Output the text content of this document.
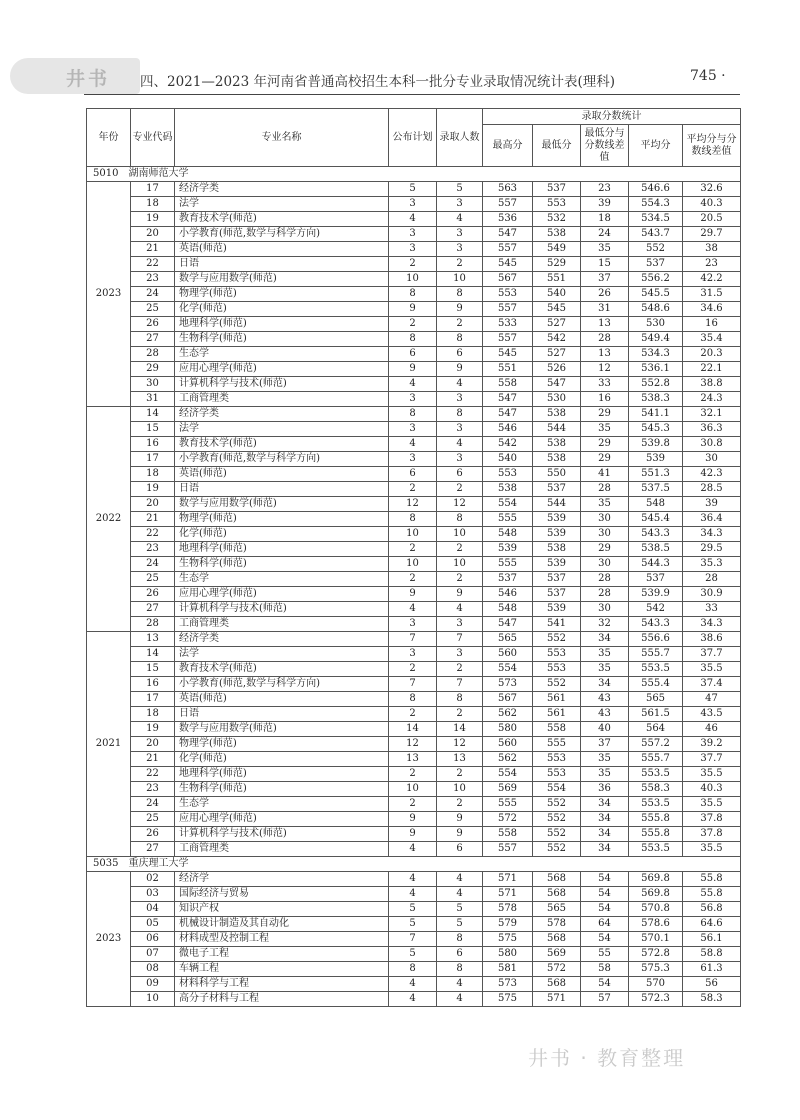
井书 四、2021—2023 年河南省普通高校招生本科一批分专业录取情况统计表(理科)	745 ·
年份	专业代码	专业名称	公布计划	录取人数	录取分数统计				
					最高分	最低分	最低分与分数线差值	平均分	平均分与分数线差值
5010　湖南师范大学									
2023	17	经济学类	5	5	563	537	23	546.6	32.6
	18	法学	3	3	557	553	39	554.3	40.3
	19	教育技术学(师范)	4	4	536	532	18	534.5	20.5
	20	小学教育(师范,数学与科学方向)	3	3	547	538	24	543.7	29.7
	21	英语(师范)	3	3	557	549	35	552	38
	22	日语	2	2	545	529	15	537	23
	23	数学与应用数学(师范)	10	10	567	551	37	556.2	42.2
	24	物理学(师范)	8	8	553	540	26	545.5	31.5
	25	化学(师范)	9	9	557	545	31	548.6	34.6
	26	地理科学(师范)	2	2	533	527	13	530	16
	27	生物科学(师范)	8	8	557	542	28	549.4	35.4
	28	生态学	6	6	545	527	13	534.3	20.3
	29	应用心理学(师范)	9	9	551	526	12	536.1	22.1
	30	计算机科学与技术(师范)	4	4	558	547	33	552.8	38.8
	31	工商管理类	3	3	547	530	16	538.3	24.3
2022	14	经济学类	8	8	547	538	29	541.1	32.1
	15	法学	3	3	546	544	35	545.3	36.3
	16	教育技术学(师范)	4	4	542	538	29	539.8	30.8
	17	小学教育(师范,数学与科学方向)	3	3	540	538	29	539	30
	18	英语(师范)	6	6	553	550	41	551.3	42.3
	19	日语	2	2	538	537	28	537.5	28.5
	20	数学与应用数学(师范)	12	12	554	544	35	548	39
	21	物理学(师范)	8	8	555	539	30	545.4	36.4
	22	化学(师范)	10	10	548	539	30	543.3	34.3
	23	地理科学(师范)	2	2	539	538	29	538.5	29.5
	24	生物科学(师范)	10	10	555	539	30	544.3	35.3
	25	生态学	2	2	537	537	28	537	28
	26	应用心理学(师范)	9	9	546	537	28	539.9	30.9
	27	计算机科学与技术(师范)	4	4	548	539	30	542	33
	28	工商管理类	3	3	547	541	32	543.3	34.3
2021	13	经济学类	7	7	565	552	34	556.6	38.6
	14	法学	3	3	560	553	35	555.7	37.7
	15	教育技术学(师范)	2	2	554	553	35	553.5	35.5
	16	小学教育(师范,数学与科学方向)	7	7	573	552	34	555.4	37.4
	17	英语(师范)	8	8	567	561	43	565	47
	18	日语	2	2	562	561	43	561.5	43.5
	19	数学与应用数学(师范)	14	14	580	558	40	564	46
	20	物理学(师范)	12	12	560	555	37	557.2	39.2
	21	化学(师范)	13	13	562	553	35	555.7	37.7
	22	地理科学(师范)	2	2	554	553	35	553.5	35.5
	23	生物科学(师范)	10	10	569	554	36	558.3	40.3
	24	生态学	2	2	555	552	34	553.5	35.5
	25	应用心理学(师范)	9	9	572	552	34	555.8	37.8
	26	计算机科学与技术(师范)	9	9	558	552	34	555.8	37.8
	27	工商管理类	4	6	557	552	34	553.5	35.5
5035　重庆理工大学									
2023	02	经济学	4	4	571	568	54	569.8	55.8
	03	国际经济与贸易	4	4	571	568	54	569.8	55.8
	04	知识产权	5	5	578	565	54	570.8	56.8
	05	机械设计制造及其自动化	5	5	579	578	64	578.6	64.6
	06	材料成型及控制工程	7	8	575	568	54	570.1	56.1
	07	微电子工程	5	6	580	569	55	572.8	58.8
	08	车辆工程	8	8	581	572	58	575.3	61.3
	09	材料科学与工程	4	4	573	568	54	570	56
	10	高分子材料与工程	4	4	575	571	57	572.3	58.3
井书 · 教育整理
